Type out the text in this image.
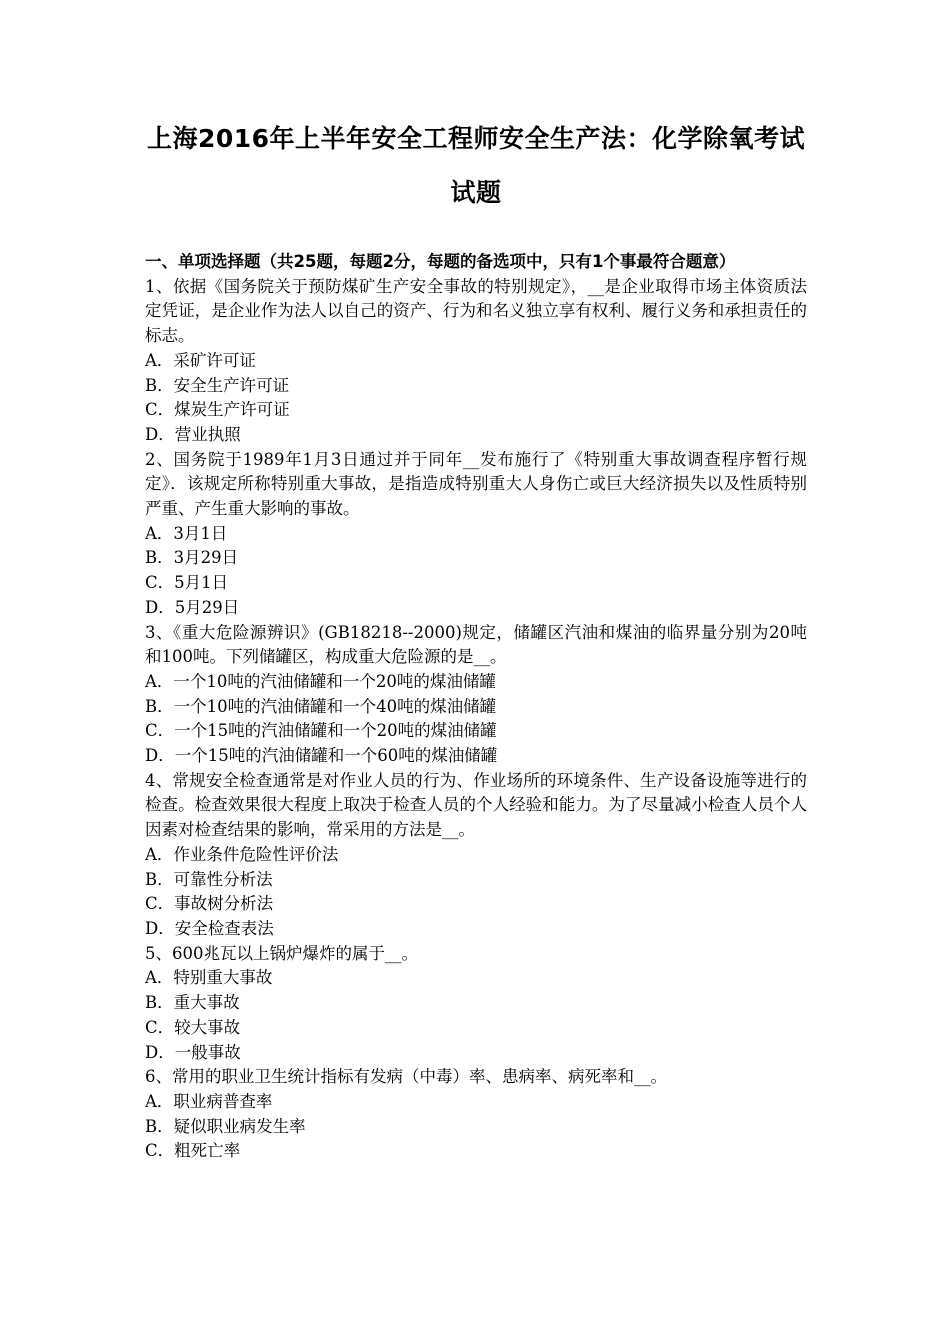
上海2016年上半年安全工程师安全生产法：化学除氧考试试题

一、单项选择题（共25题，每题2分，每题的备选项中，只有1个事最符合题意）

1、依据《国务院关于预防煤矿生产安全事故的特别规定》，__是企业取得市场主体资质法定凭证，是企业作为法人以自己的资产、行为和名义独立享有权利、履行义务和承担责任的标志。

A．采矿许可证

B．安全生产许可证

C．煤炭生产许可证

D．营业执照

2、国务院于1989年1月3日通过并于同年__发布施行了《特别重大事故调查程序暂行规定》．该规定所称特别重大事故，是指造成特别重大人身伤亡或巨大经济损失以及性质特别严重、产生重大影响的事故。

A．3月1日

B．3月29日

C．5月1日

D．5月29日

3、《重大危险源辨识》(GB18218--2000)规定，储罐区汽油和煤油的临界量分别为20吨和100吨。下列储罐区，构成重大危险源的是__。

A．一个10吨的汽油储罐和一个20吨的煤油储罐

B．一个10吨的汽油储罐和一个40吨的煤油储罐

C．一个15吨的汽油储罐和一个20吨的煤油储罐

D．一个15吨的汽油储罐和一个60吨的煤油储罐

4、常规安全检查通常是对作业人员的行为、作业场所的环境条件、生产设备设施等进行的检查。检查效果很大程度上取决于检查人员的个人经验和能力。为了尽量减小检查人员个人因素对检查结果的影响，常采用的方法是__。

A．作业条件危险性评价法

B．可靠性分析法

C．事故树分析法

D．安全检查表法

5、600兆瓦以上锅炉爆炸的属于__。

A．特别重大事故

B．重大事故

C．较大事故

D．一般事故

6、常用的职业卫生统计指标有发病（中毒）率、患病率、病死率和__。

A．职业病普查率

B．疑似职业病发生率

C．粗死亡率
